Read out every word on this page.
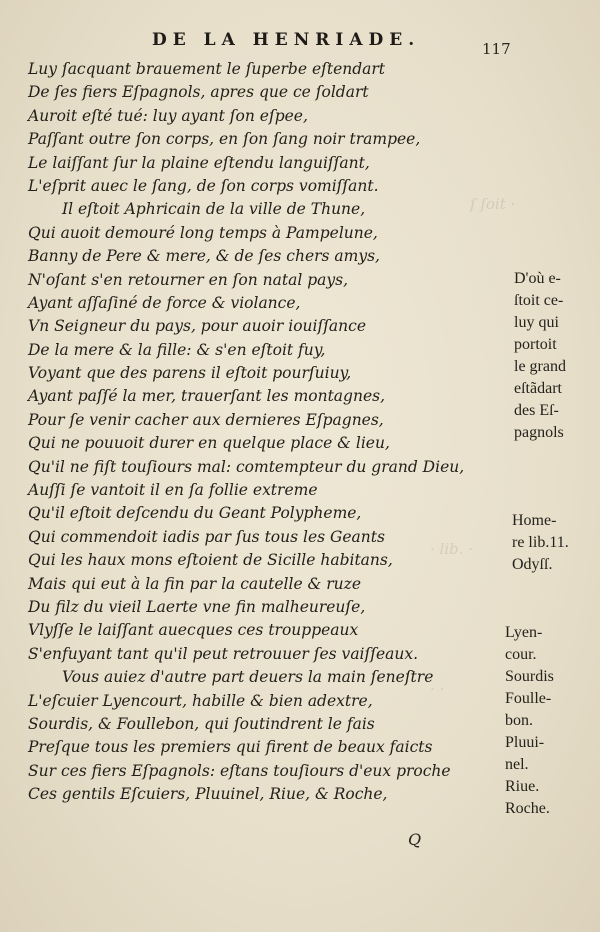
DE LA HENRIADE.	117
ſ ſoit ·
· lib. ·
· ·
Luy ſacquant brauement le ſuperbe eſtendart
De ſes fiers Eſpagnols, apres que ce ſoldart
Auroit eſté tué: luy ayant ſon eſpee,
Paſſant outre ſon corps, en ſon ſang noir trampee,
Le laiſſant ſur la plaine eſtendu languiſſant,
L'eſprit auec le ſang, de ſon corps vomiſſant.
Il eſtoit Aphricain de la ville de Thune,
Qui auoit demouré long temps à Pampelune,
Banny de Pere & mere, & de ſes chers amys,
N'oſant s'en retourner en ſon natal pays,
Ayant aſſaſiné de force & violance,
Vn Seigneur du pays, pour auoir iouiſſance
De la mere & la fille: & s'en eſtoit fuy,
Voyant que des parens il eſtoit pourſuiuy,
Ayant paſſé la mer, trauerſant les montagnes,
Pour ſe venir cacher aux dernieres Eſpagnes,
Qui ne pouuoit durer en quelque place & lieu,
Qu'il ne fiſt touſiours mal: comtempteur du grand Dieu,
Auſſi ſe vantoit il en ſa follie extreme
Qu'il eſtoit deſcendu du Geant Polypheme,
Qui commendoit iadis par ſus tous les Geants
Qui les haux mons eſtoient de Sicille habitans,
Mais qui eut à la fin par la cautelle & ruze
Du filz du vieil Laerte vne fin malheureuſe,
Vlyſſe le laiſſant auecques ces trouppeaux
S'enfuyant tant qu'il peut retrouuer ſes vaiſſeaux.
Vous auiez d'autre part deuers la main ſeneſtre
L'eſcuier Lyencourt, habille & bien adextre,
Sourdis, & Foullebon, qui ſoutindrent le fais
Preſque tous les premiers qui firent de beaux faicts
Sur ces fiers Eſpagnols: eſtans touſiours d'eux proche
Ces gentils Eſcuiers, Pluuinel, Riue, & Roche,
Q
D'où e-
ſtoit ce-
luy qui
portoit
le grand
eſtãdart
des Eſ-
pagnols
Home-
re lib.11.
Odyſſ.
Lyen-
cour.
Sourdis
Foulle-
bon.
Pluui-
nel.
Riue.
Roche.
